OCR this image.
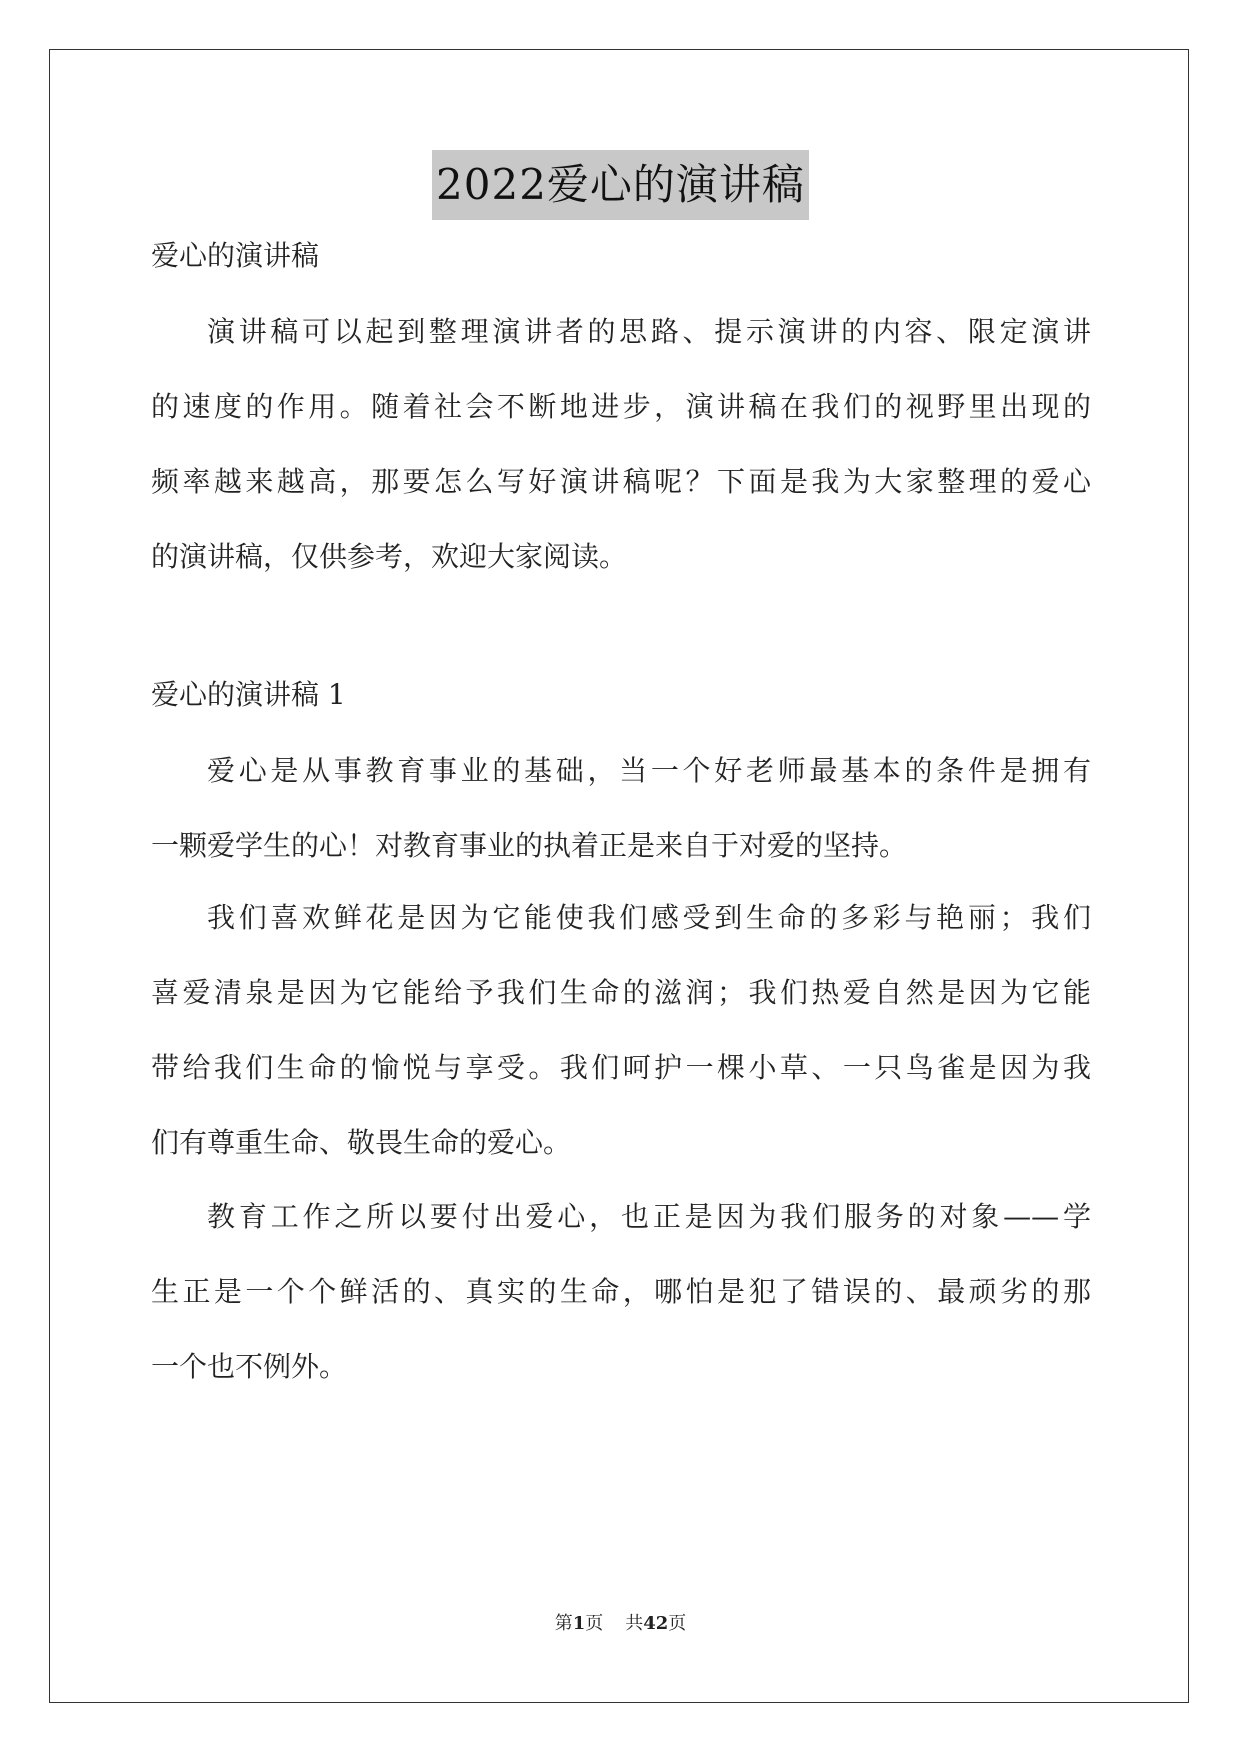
2022爱心的演讲稿
爱心的演讲稿
演讲稿可以起到整理演讲者的思路、提示演讲的内容、限定演讲
的速度的作用。随着社会不断地进步，演讲稿在我们的视野里出现的
频率越来越高，那要怎么写好演讲稿呢？下面是我为大家整理的爱心
的演讲稿，仅供参考，欢迎大家阅读。
爱心的演讲稿 1
爱心是从事教育事业的基础，当一个好老师最基本的条件是拥有
一颗爱学生的心！对教育事业的执着正是来自于对爱的坚持。
我们喜欢鲜花是因为它能使我们感受到生命的多彩与艳丽；我们
喜爱清泉是因为它能给予我们生命的滋润；我们热爱自然是因为它能
带给我们生命的愉悦与享受。我们呵护一棵小草、一只鸟雀是因为我
们有尊重生命、敬畏生命的爱心。
教育工作之所以要付出爱心，也正是因为我们服务的对象——学
生正是一个个鲜活的、真实的生命，哪怕是犯了错误的、最顽劣的那
一个也不例外。
第1页 共42页
